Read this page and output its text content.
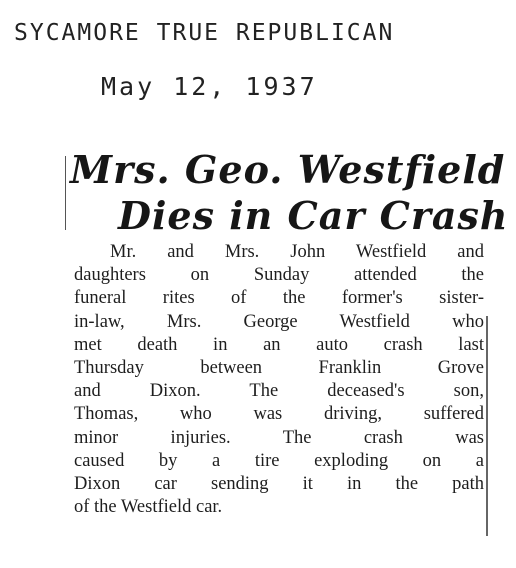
SYCAMORE TRUE REPUBLICAN
May 12, 1937
Mrs. Geo. Westfield
Dies in Car Crash
Mr. and Mrs. John Westfield and
daughters on Sunday attended the
funeral rites of the former's sister-
in-law, Mrs. George Westfield who
met death in an auto crash last
Thursday between Franklin Grove
and Dixon. The deceased's son,
Thomas, who was driving, suffered
minor injuries. The crash was
caused by a tire exploding on a
Dixon car sending it in the path
of the Westfield car.
